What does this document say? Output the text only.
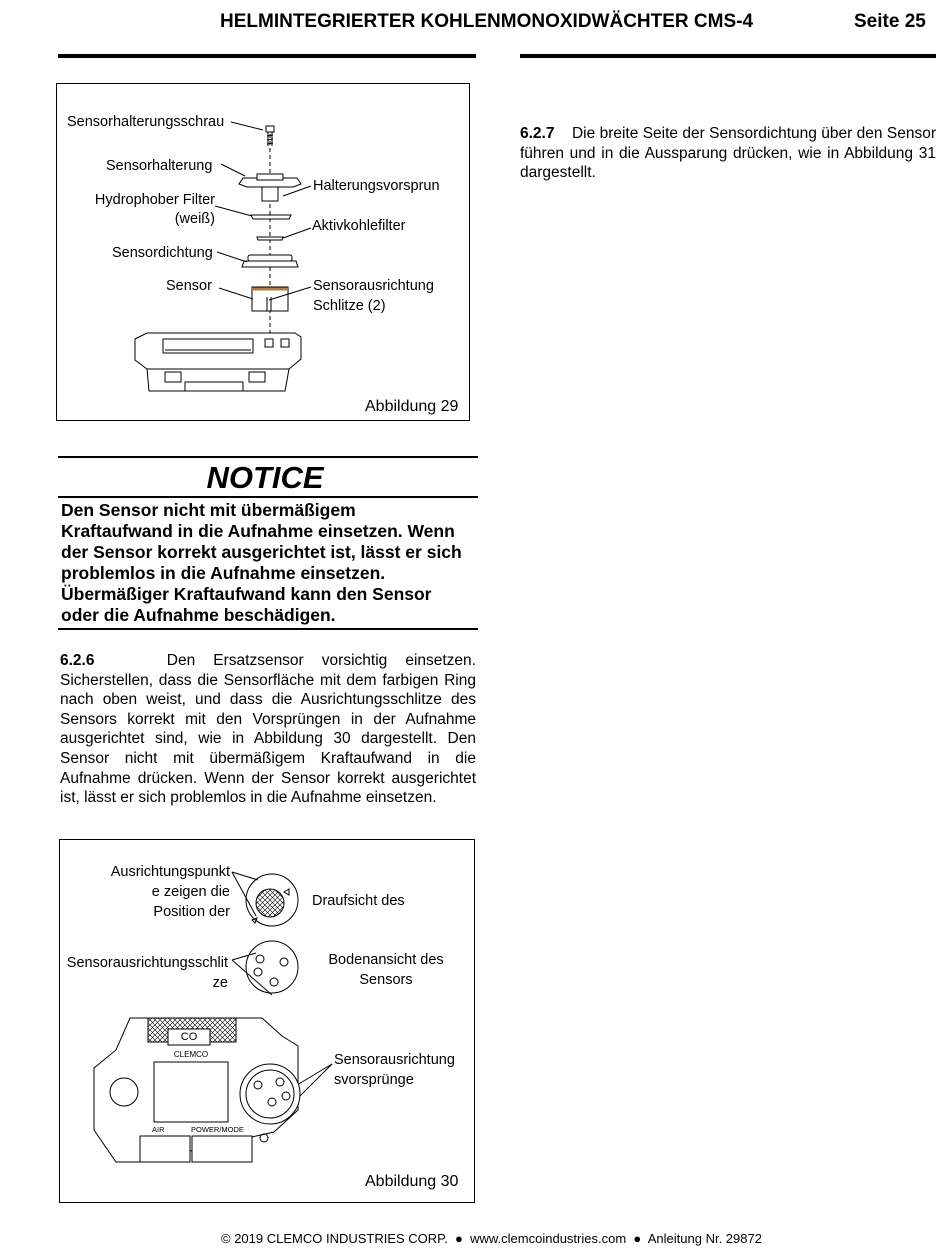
HELMINTEGRIERTER KOHLENMONOXIDWÄCHTER CMS-4	Seite 25
Sensorhalterungsschrau
Sensorhalterung
Hydrophober Filter
(weiß)
Sensordichtung
Sensor
Halterungsvorsprun
Aktivkohlefilter
Sensorausrichtung
Schlitze (2)
Abbildung 29
NOTICE
Den Sensor nicht mit übermäßigem
Kraftaufwand in die Aufnahme einsetzen. Wenn
der Sensor korrekt ausgerichtet ist, lässt er sich
problemlos in die Aufnahme einsetzen.
Übermäßiger Kraftaufwand kann den Sensor
oder die Aufnahme beschädigen.
6.2.6	Den Ersatzsensor vorsichtig einsetzen. Sicherstellen, dass die Sensorfläche mit dem farbigen Ring nach oben weist, und dass die Ausrichtungsschlitze des Sensors korrekt mit den Vorsprüngen in der Aufnahme ausgerichtet sind, wie in Abbildung 30 dargestellt. Den Sensor nicht mit übermäßigem Kraftaufwand in die Aufnahme drücken. Wenn der Sensor korrekt ausgerichtet ist, lässt er sich problemlos in die Aufnahme einsetzen.
6.2.7 Die breite Seite der Sensordichtung über den Sensor führen und in die Aussparung drücken, wie in Abbildung 31 dargestellt.
Ausrichtungspunkt
e zeigen die
Position der
Draufsicht des
Sensorausrichtungsschlit
ze
Bodenansicht des
Sensors
Sensorausrichtung
svorsprünge
CO
CLEMCO
AIR	POWER/MODE
Abbildung 30
© 2019 CLEMCO INDUSTRIES CORP.  ●  www.clemcoindustries.com  ●  Anleitung Nr. 29872
